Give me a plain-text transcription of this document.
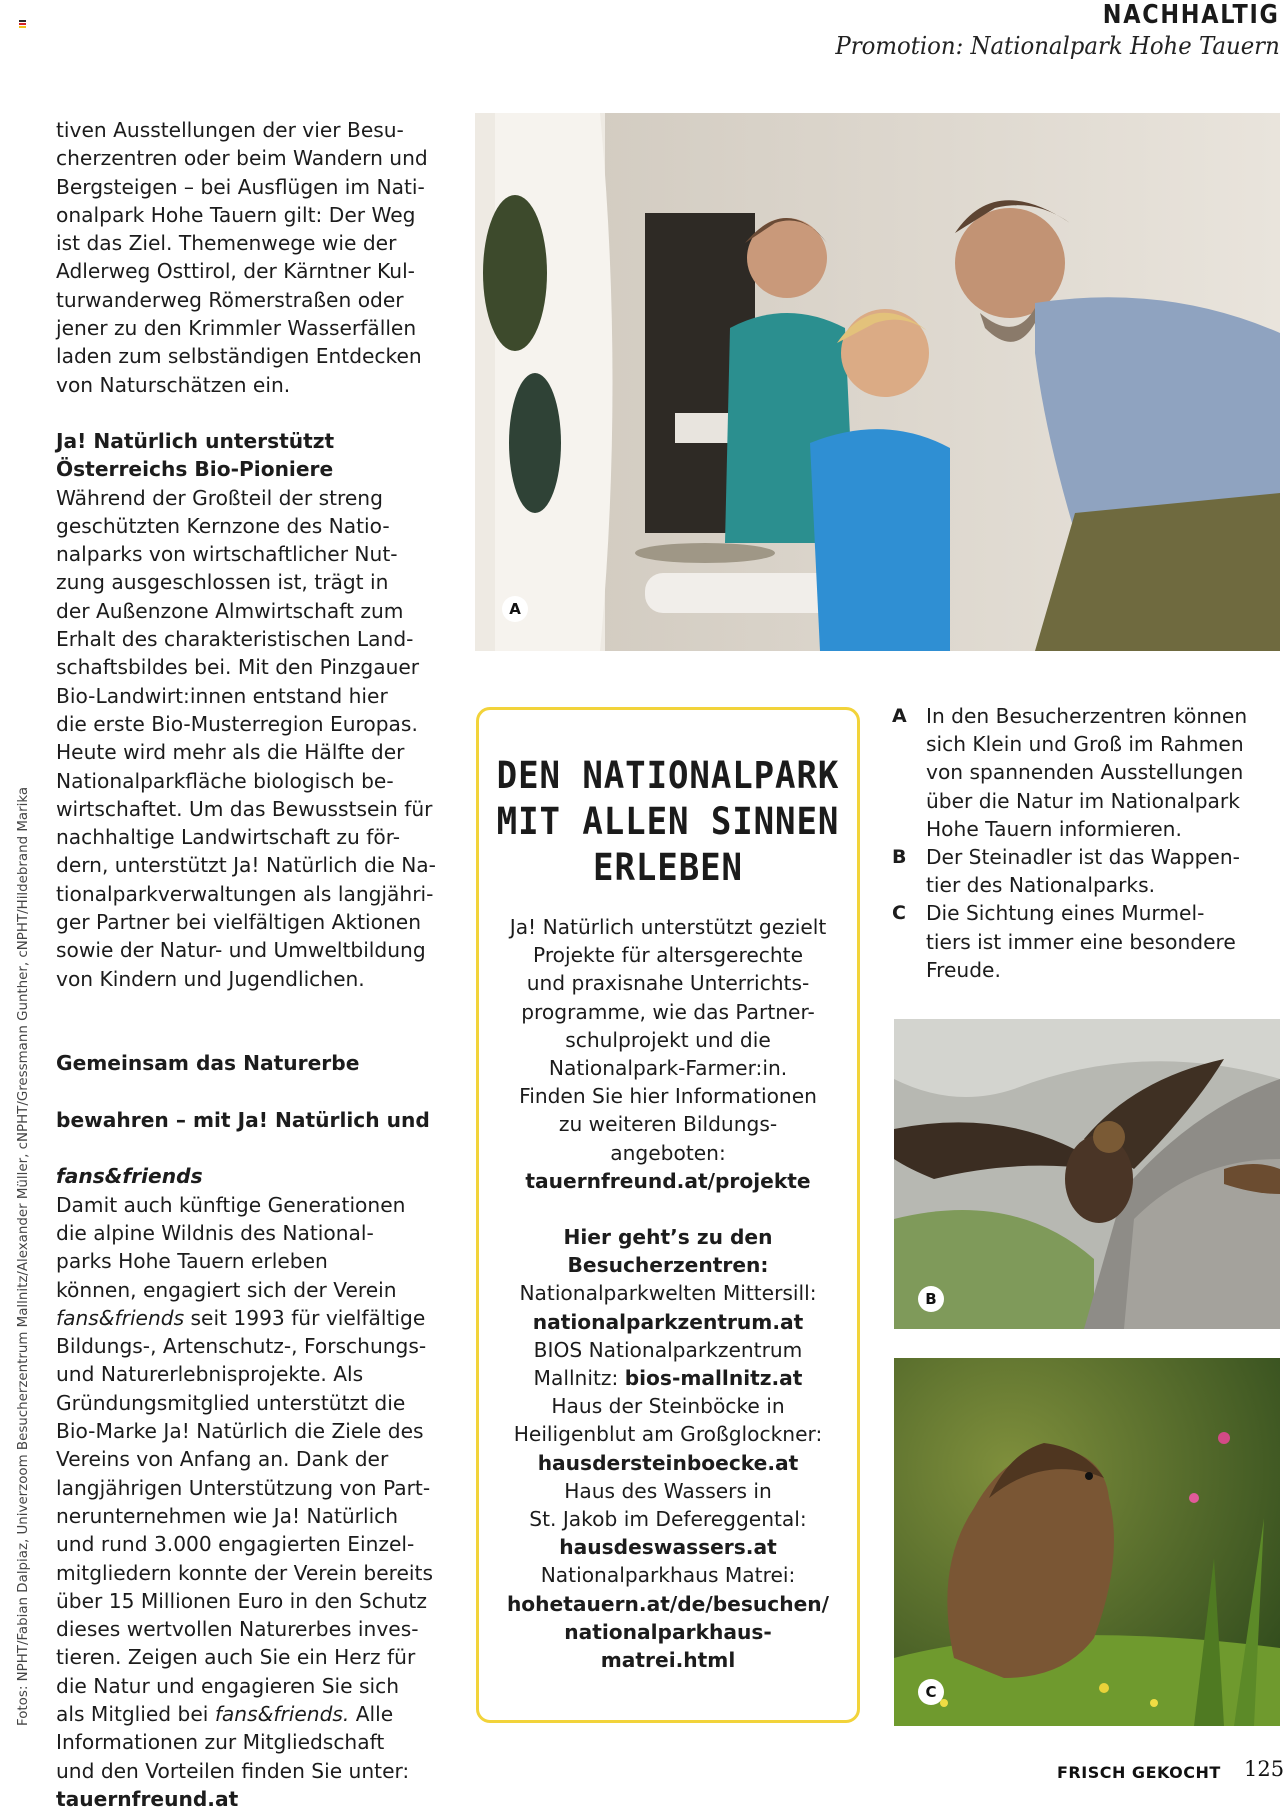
NACHHALTIG
Promotion: Nationalpark Hohe Tauern

tiven Ausstellungen der vier Besu-
cherzentren oder beim Wandern und
Bergsteigen – bei Ausflügen im Nati-
onalpark Hohe Tauern gilt: Der Weg
ist das Ziel. Themenwege wie der
Adlerweg Osttirol, der Kärntner Kul-
turwanderweg Römerstraßen oder
jener zu den Krimmler Wasserfällen
laden zum selbständigen Entdecken
von Naturschätzen ein.

Ja! Natürlich unterstützt
Österreichs Bio-Pioniere

Während der Großteil der streng
geschützten Kernzone des Natio-
nalparks von wirtschaftlicher Nut-
zung ausgeschlossen ist, trägt in
der Außenzone Almwirtschaft zum
Erhalt des charakteristischen Land-
schaftsbildes bei. Mit den Pinzgauer
Bio-Landwirt:innen entstand hier
die erste Bio-Musterregion Europas.
Heute wird mehr als die Hälfte der
Nationalparkfläche biologisch be-
wirtschaftet. Um das Bewusstsein für
nachhaltige Landwirtschaft zu för-
dern, unterstützt Ja! Natürlich die Na-
tionalparkverwaltungen als langjähri-
ger Partner bei vielfältigen Aktionen
sowie der Natur- und Umweltbildung
von Kindern und Jugendlichen.

Gemeinsam das Naturerbe

bewahren – mit Ja! Natürlich und

fans&friends

Damit auch künftige Generationen
die alpine Wildnis des National-
parks Hohe Tauern erleben
können, engagiert sich der Verein
fans&friends seit 1993 für vielfältige
Bildungs-, Artenschutz-, Forschungs-
und Naturerlebnisprojekte. Als
Gründungsmitglied unterstützt die
Bio-Marke Ja! Natürlich die Ziele des
Vereins von Anfang an. Dank der
langjährigen Unterstützung von Part-
nerunternehmen wie Ja! Natürlich
und rund 3.000 engagierten Einzel-
mitgliedern konnte der Verein bereits
über 15 Millionen Euro in den Schutz
dieses wertvollen Naturerbes inves-
tieren. Zeigen auch Sie ein Herz für
die Natur und engagieren Sie sich
als Mitglied bei fans&friends. Alle
Informationen zur Mitgliedschaft
und den Vorteilen finden Sie unter:

tauernfreund.at
A
DEN NATIONALPARK
MIT ALLEN SINNEN
ERLEBEN

Ja! Natürlich unterstützt gezielt
Projekte für altersgerechte
und praxisnahe Unterrichts-
programme, wie das Partner-
schulprojekt und die
Nationalpark-Farmer:in.
Finden Sie hier Informationen
zu weiteren Bildungs-
angeboten:

tauernfreund.at/projekte

Hier geht’s zu den
Besucherzentren:

Nationalparkwelten Mittersill:

nationalparkzentrum.at

BIOS Nationalparkzentrum

Mallnitz: bios-mallnitz.at

Haus der Steinböcke in
Heiligenblut am Großglockner:

hausdersteinboecke.at

Haus des Wassers in
St. Jakob im Defereggental:

hausdeswassers.at

Nationalparkhaus Matrei:

hohetauern.at/de/besuchen/
nationalparkhaus-
matrei.html

A In den Besucherzentren können
sich Klein und Groß im Rahmen
von spannenden Ausstellungen
über die Natur im Nationalpark
Hohe Tauern informieren.
B Der Steinadler ist das Wappen-
tier des Nationalparks.
C Die Sichtung eines Murmel-
tiers ist immer eine besondere
Freude.
B
C
Fotos: NPHT/Fabian Dalpiaz, Univerzoom Besucherzentrum Mallnitz/Alexander Müller, cNPHT/Gressmann Gunther, cNPHT/Hildebrand Marika
FRISCH GEKOCHT 125
